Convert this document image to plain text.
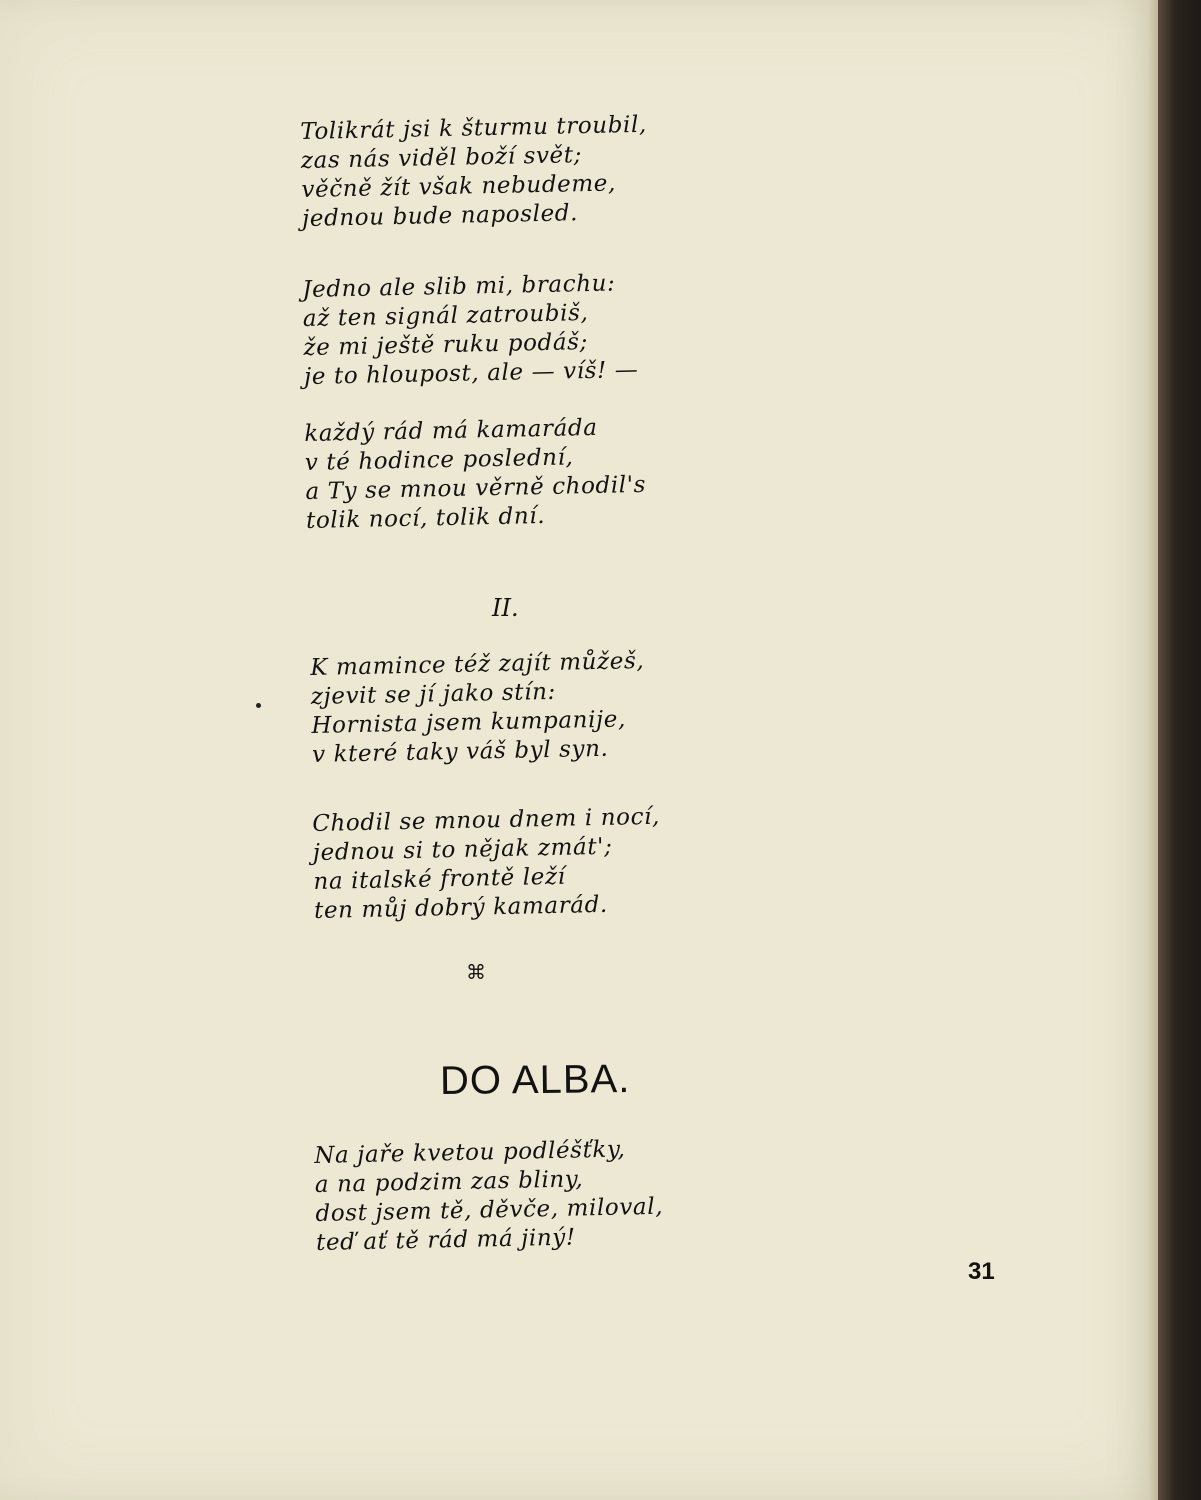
Tolikrát jsi k šturmu troubil,
zas nás viděl boží svět;
věčně žít však nebudeme,
jednou bude naposled.
Jedno ale slib mi, brachu:
až ten signál zatroubiš,
že mi ještě ruku podáš;
je to hloupost, ale — víš! —
každý rád má kamaráda
v té hodince poslední,
a Ty se mnou věrně chodil's
tolik nocí, tolik dní.
II.
K mamince též zajít můžeš,
zjevit se jí jako stín:
Hornista jsem kumpanije,
v které taky váš byl syn.
Chodil se mnou dnem i nocí,
jednou si to nějak zmát';
na italské frontě leží
ten můj dobrý kamarád.
⌘
DO ALBA.
Na jaře kvetou podléšťky,
a na podzim zas bliny,
dost jsem tě, děvče, miloval,
teď ať tě rád má jiný!
31
